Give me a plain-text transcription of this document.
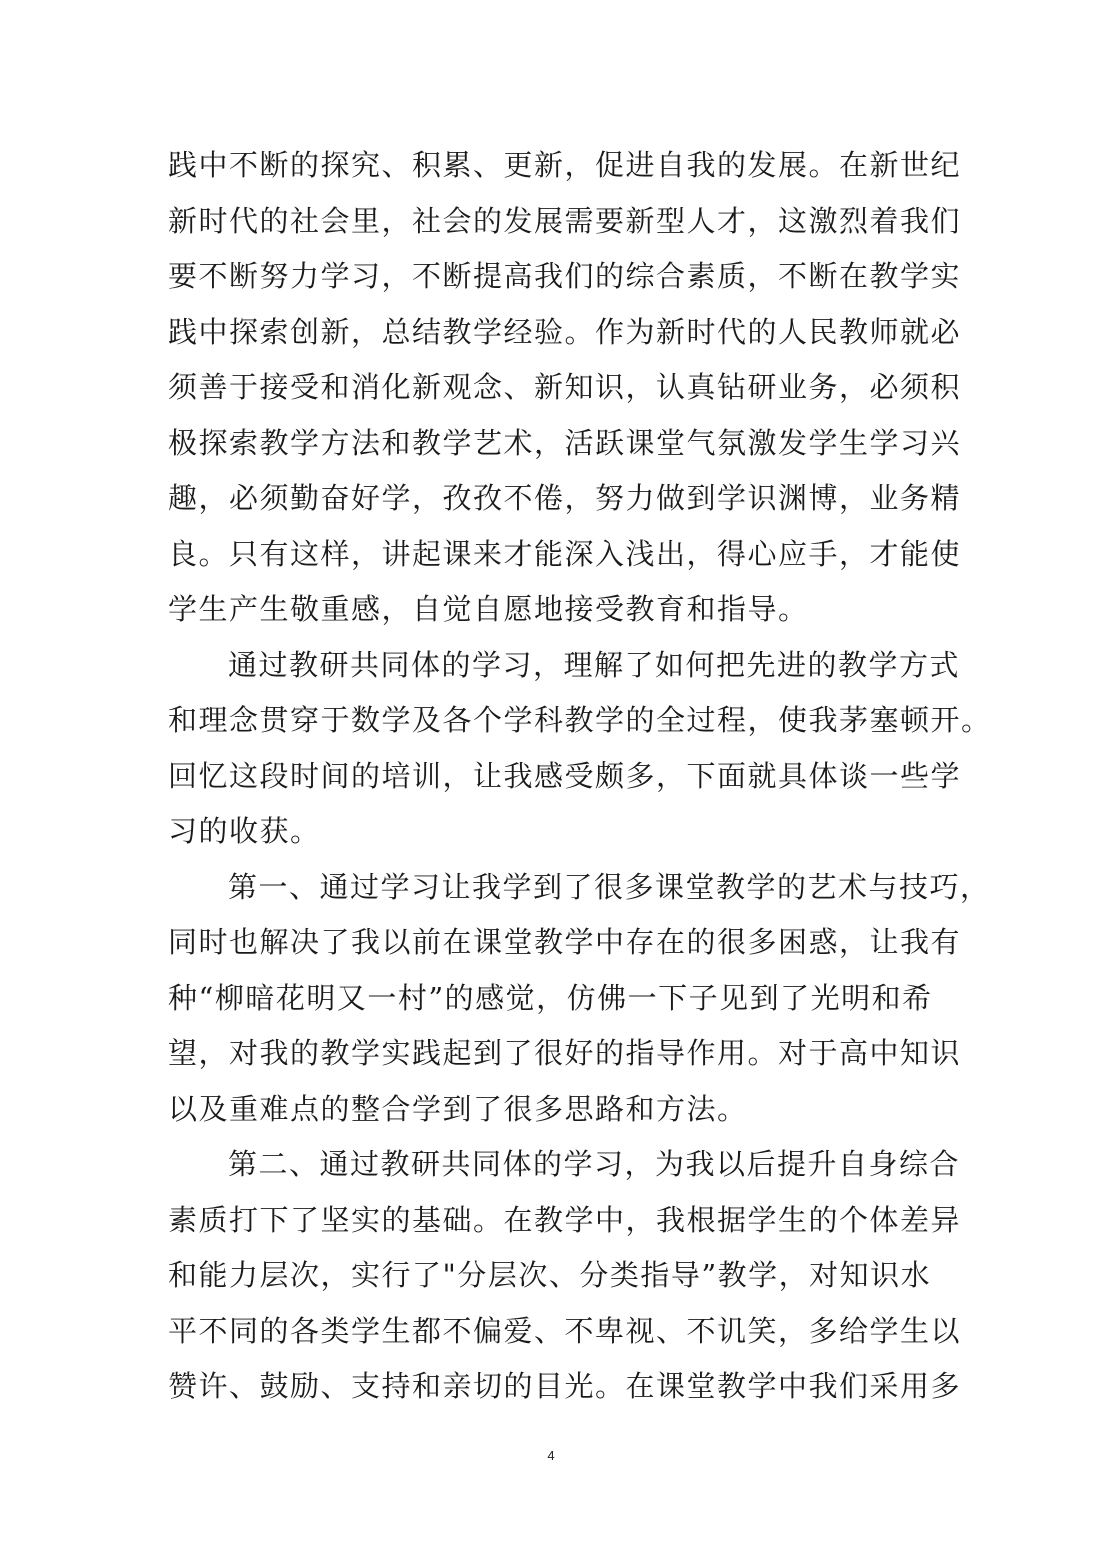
践中不断的探究、积累、更新，促进自我的发展。在新世纪
新时代的社会里，社会的发展需要新型人才，这激烈着我们
要不断努力学习，不断提高我们的综合素质，不断在教学实
践中探索创新，总结教学经验。作为新时代的人民教师就必
须善于接受和消化新观念、新知识，认真钻研业务，必须积
极探索教学方法和教学艺术，活跃课堂气氛激发学生学习兴
趣，必须勤奋好学，孜孜不倦，努力做到学识渊博，业务精
良。只有这样，讲起课来才能深入浅出，得心应手，才能使
学生产生敬重感，自觉自愿地接受教育和指导。
通过教研共同体的学习，理解了如何把先进的教学方式
和理念贯穿于数学及各个学科教学的全过程，使我茅塞顿开。
回忆这段时间的培训，让我感受颇多，下面就具体谈一些学
习的收获。
第一、通过学习让我学到了很多课堂教学的艺术与技巧，
同时也解决了我以前在课堂教学中存在的很多困惑，让我有
种“柳暗花明又一村”的感觉，仿佛一下子见到了光明和希
望，对我的教学实践起到了很好的指导作用。对于高中知识
以及重难点的整合学到了很多思路和方法。
第二、通过教研共同体的学习，为我以后提升自身综合
素质打下了坚实的基础。在教学中，我根据学生的个体差异
和能力层次，实行了"分层次、分类指导”教学，对知识水
平不同的各类学生都不偏爱、不卑视、不讥笑，多给学生以
赞许、鼓励、支持和亲切的目光。在课堂教学中我们采用多
4
